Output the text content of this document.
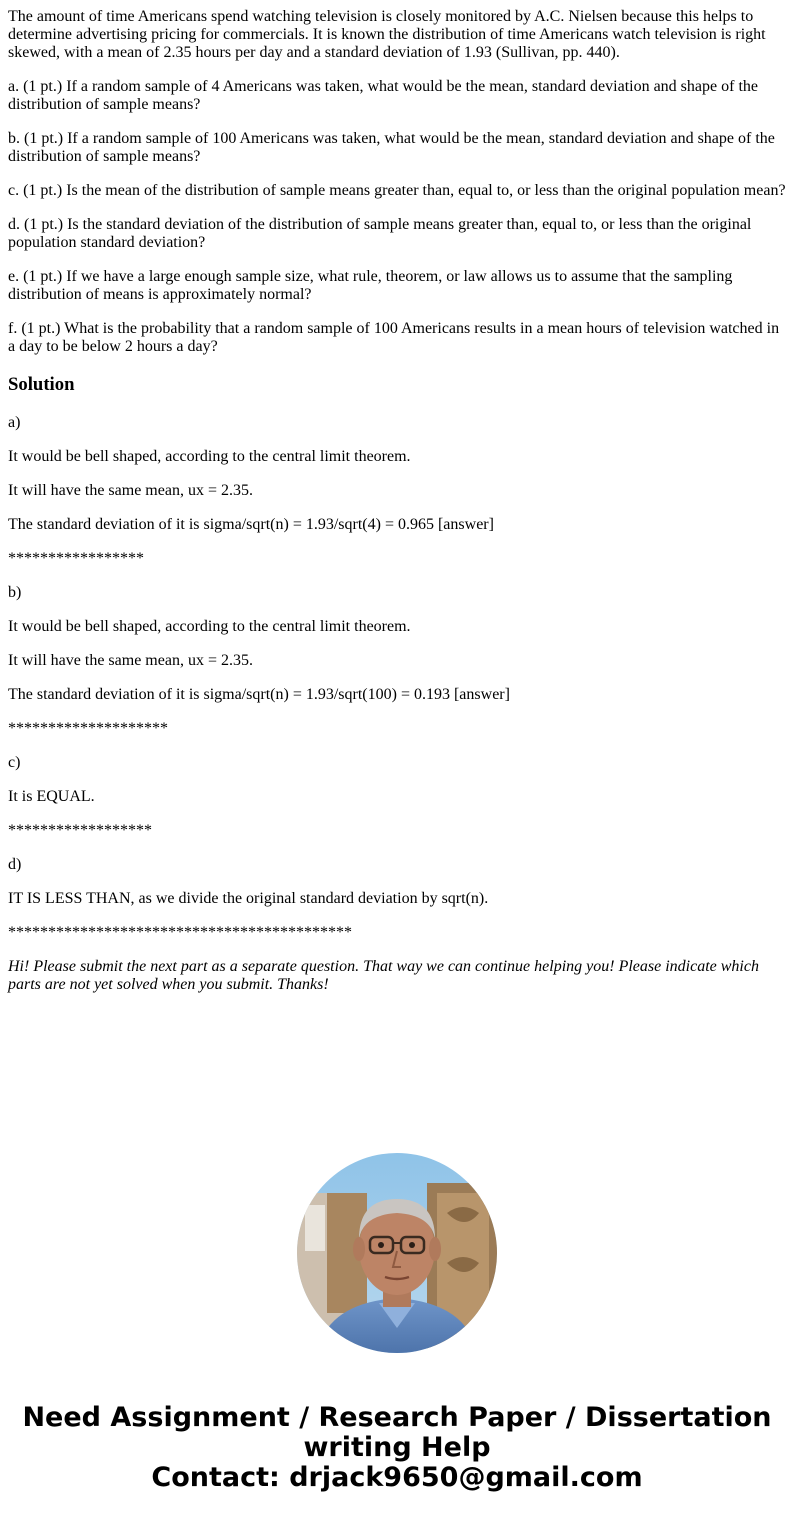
The amount of time Americans spend watching television is closely monitored by A.C. Nielsen because this helps to determine advertising pricing for commercials. It is known the distribution of time Americans watch television is right skewed, with a mean of 2.35 hours per day and a standard deviation of 1.93 (Sullivan, pp. 440).

a. (1 pt.) If a random sample of 4 Americans was taken, what would be the mean, standard deviation and shape of the distribution of sample means?

b. (1 pt.) If a random sample of 100 Americans was taken, what would be the mean, standard deviation and shape of the distribution of sample means?

c. (1 pt.) Is the mean of the distribution of sample means greater than, equal to, or less than the original population mean?

d. (1 pt.) Is the standard deviation of the distribution of sample means greater than, equal to, or less than the original population standard deviation?

e. (1 pt.) If we have a large enough sample size, what rule, theorem, or law allows us to assume that the sampling distribution of means is approximately normal?

f. (1 pt.) What is the probability that a random sample of 100 Americans results in a mean hours of television watched in a day to be below 2 hours a day?

Solution

a)

It would be bell shaped, according to the central limit theorem.

It will have the same mean, ux = 2.35.

The standard deviation of it is sigma/sqrt(n) = 1.93/sqrt(4) = 0.965 [answer]

*****************

b)

It would be bell shaped, according to the central limit theorem.

It will have the same mean, ux = 2.35.

The standard deviation of it is sigma/sqrt(n) = 1.93/sqrt(100) = 0.193 [answer]

********************

c)

It is EQUAL.

******************

d)

IT IS LESS THAN, as we divide the original standard deviation by sqrt(n).

*******************************************

Hi! Please submit the next part as a separate question. That way we can continue helping you! Please indicate which parts are not yet solved when you submit. Thanks!

Need Assignment / Research Paper / Dissertation
writing Help
Contact: drjack9650@gmail.com
